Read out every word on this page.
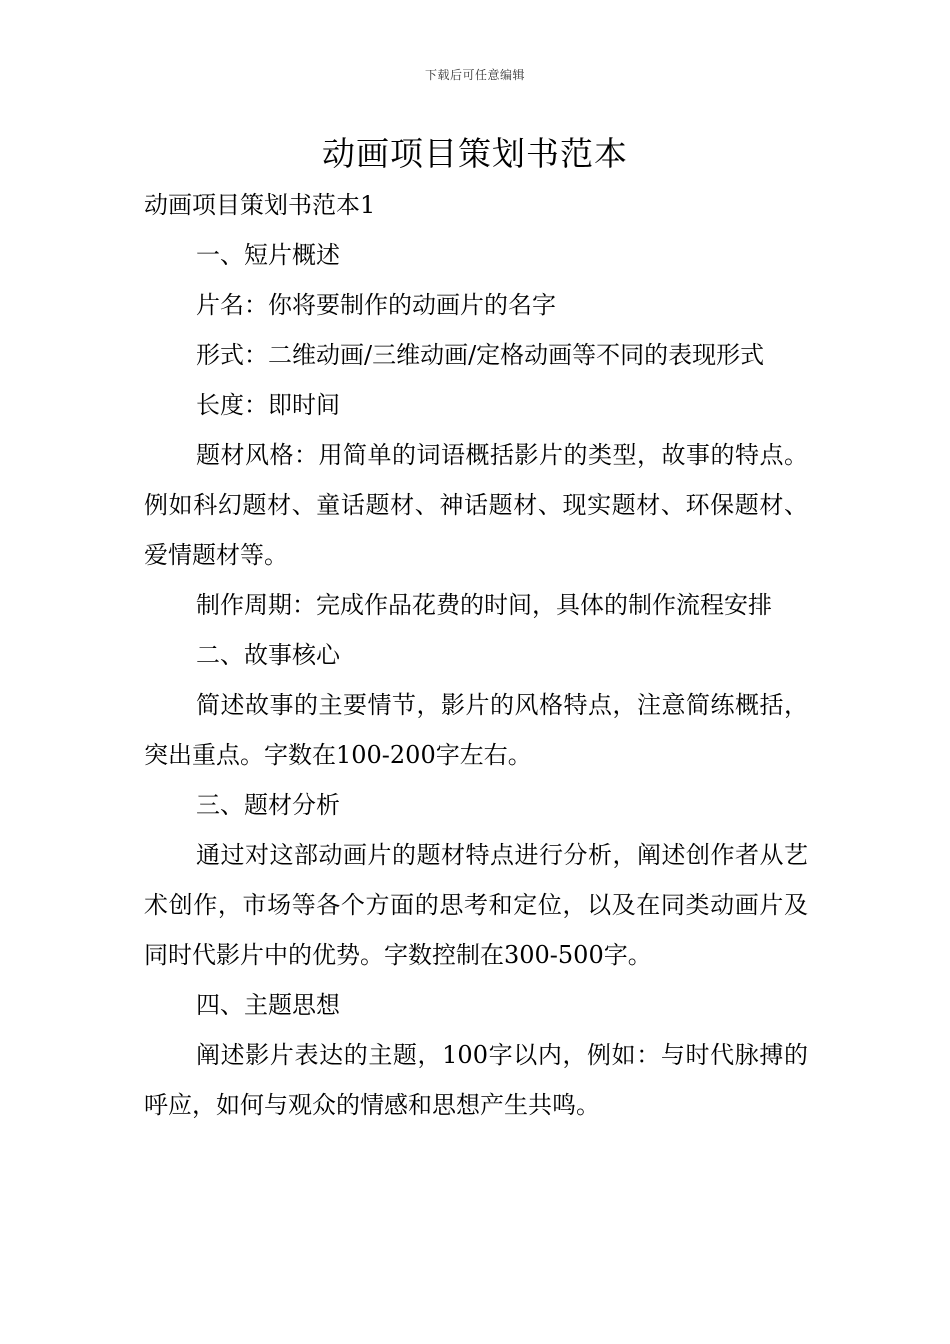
下载后可任意编辑
动画项目策划书范本

动画项目策划书范本1

一、短片概述

片名：你将要制作的动画片的名字

形式：二维动画/三维动画/定格动画等不同的表现形式

长度：即时间

题材风格：用简单的词语概括影片的类型，故事的特点。例如科幻题材、童话题材、神话题材、现实题材、环保题材、爱情题材等。

制作周期：完成作品花费的时间，具体的制作流程安排

二、故事核心

简述故事的主要情节，影片的风格特点，注意简练概括，突出重点。字数在100-200字左右。

三、题材分析

通过对这部动画片的题材特点进行分析，阐述创作者从艺术创作，市场等各个方面的思考和定位，以及在同类动画片及同时代影片中的优势。字数控制在300-500字。

四、主题思想

阐述影片表达的主题，100字以内，例如：与时代脉搏的呼应，如何与观众的情感和思想产生共鸣。
